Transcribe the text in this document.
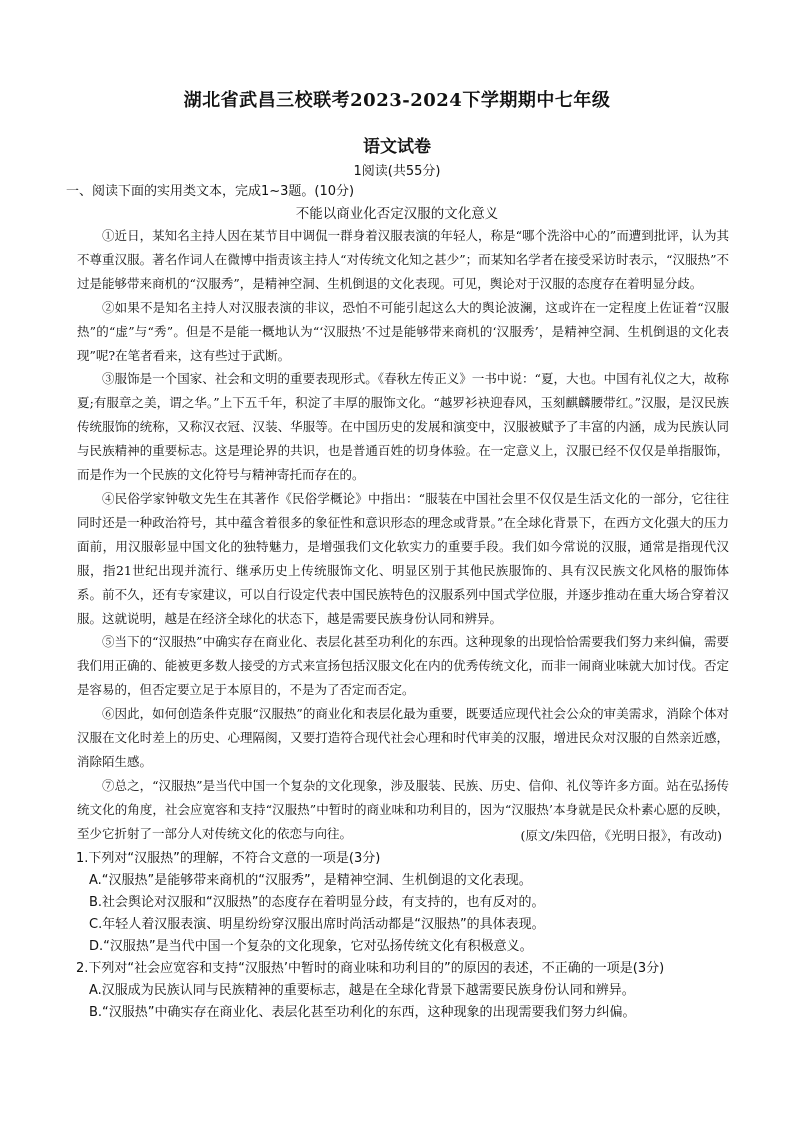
湖北省武昌三校联考2023-2024下学期期中七年级
语文试卷
1阅读(共55分)
一、阅读下面的实用类文本，完成1~3题。(10分)
不能以商业化否定汉服的文化意义

①近日，某知名主持人因在某节目中调侃一群身着汉服表演的年轻人，称是“哪个洗浴中心的”而遭到批评，认为其不尊重汉服。著名作词人在微博中指责该主持人“对传统文化知之甚少”；而某知名学者在接受采访时表示，“汉服热”不过是能够带来商机的“汉服秀”，是精神空洞、生机倒退的文化表现。可见，舆论对于汉服的态度存在着明显分歧。

②如果不是知名主持人对汉服表演的非议，恐怕不可能引起这么大的舆论波澜，这或许在一定程度上佐证着“汉服热”的“虚”与“秀”。但是不是能一概地认为“‘汉服热’不过是能够带来商机的‘汉服秀’，是精神空洞、生机倒退的文化表现”呢?在笔者看来，这有些过于武断。

③服饰是一个国家、社会和文明的重要表现形式。《春秋左传正义》一书中说：“夏，大也。中国有礼仪之大，故称夏;有服章之美，谓之华。”上下五千年，积淀了丰厚的服饰文化。“越罗衫袂迎春风，玉刻麒麟腰带红。”汉服，是汉民族传统服饰的统称，又称汉衣冠、汉装、华服等。在中国历史的发展和演变中，汉服被赋予了丰富的内涵，成为民族认同与民族精神的重要标志。这是理论界的共识，也是普通百姓的切身体验。在一定意义上，汉服已经不仅仅是单指服饰，而是作为一个民族的文化符号与精神寄托而存在的。

④民俗学家钟敬文先生在其著作《民俗学概论》中指出：“服装在中国社会里不仅仅是生活文化的一部分，它往往同时还是一种政治符号，其中蕴含着很多的象征性和意识形态的理念或背景。”在全球化背景下，在西方文化强大的压力面前，用汉服彰显中国文化的独特魅力，是增强我们文化软实力的重要手段。我们如今常说的汉服，通常是指现代汉服，指21世纪出现并流行、继承历史上传统服饰文化、明显区别于其他民族服饰的、具有汉民族文化风格的服饰体系。前不久，还有专家建议，可以自行设定代表中国民族特色的汉服系列中国式学位服，并逐步推动在重大场合穿着汉服。这就说明，越是在经济全球化的状态下，越是需要民族身份认同和辨异。

⑤当下的“汉服热”中确实存在商业化、表层化甚至功利化的东西。这种现象的出现恰恰需要我们努力来纠偏，需要我们用正确的、能被更多数人接受的方式来宣扬包括汉服文化在内的优秀传统文化，而非一闹商业味就大加讨伐。否定是容易的，但否定要立足于本原目的，不是为了否定而否定。

⑥因此，如何创造条件克服“汉服热”的商业化和表层化最为重要，既要适应现代社会公众的审美需求，消除个体对汉服在文化时差上的历史、心理隔阂，又要打造符合现代社会心理和时代审美的汉服，增进民众对汉服的自然亲近感，消除陌生感。

⑦总之，“汉服热”是当代中国一个复杂的文化现象，涉及服装、民族、历史、信仰、礼仪等许多方面。站在弘扬传统文化的角度，社会应宽容和支持“汉服热”中暂时的商业味和功利目的，因为“汉服热’本身就是民众朴素心愿的反映，至少它折射了一部分人对传统文化的依恋与向往。	(原文/朱四倍，《光明日报》，有改动)

1.下列对“汉服热”的理解，不符合文意的一项是(3分)

A.“汉服热”是能够带来商机的“汉服秀”，是精神空洞、生机倒退的文化表现。

B.社会舆论对汉服和“汉服热”的态度存在着明显分歧，有支持的，也有反对的。

C.年轻人着汉服表演、明星纷纷穿汉服出席时尚活动都是“汉服热”的具体表现。

D.“汉服热”是当代中国一个复杂的文化现象，它对弘扬传统文化有积极意义。

2.下列对“社会应宽容和支持“汉服热’中暂时的商业味和功利目的”的原因的表述，不正确的一项是(3分)

A.汉服成为民族认同与民族精神的重要标志，越是在全球化背景下越需要民族身份认同和辨异。

B.“汉服热”中确实存在商业化、表层化甚至功利化的东西，这种现象的出现需要我们努力纠偏。
